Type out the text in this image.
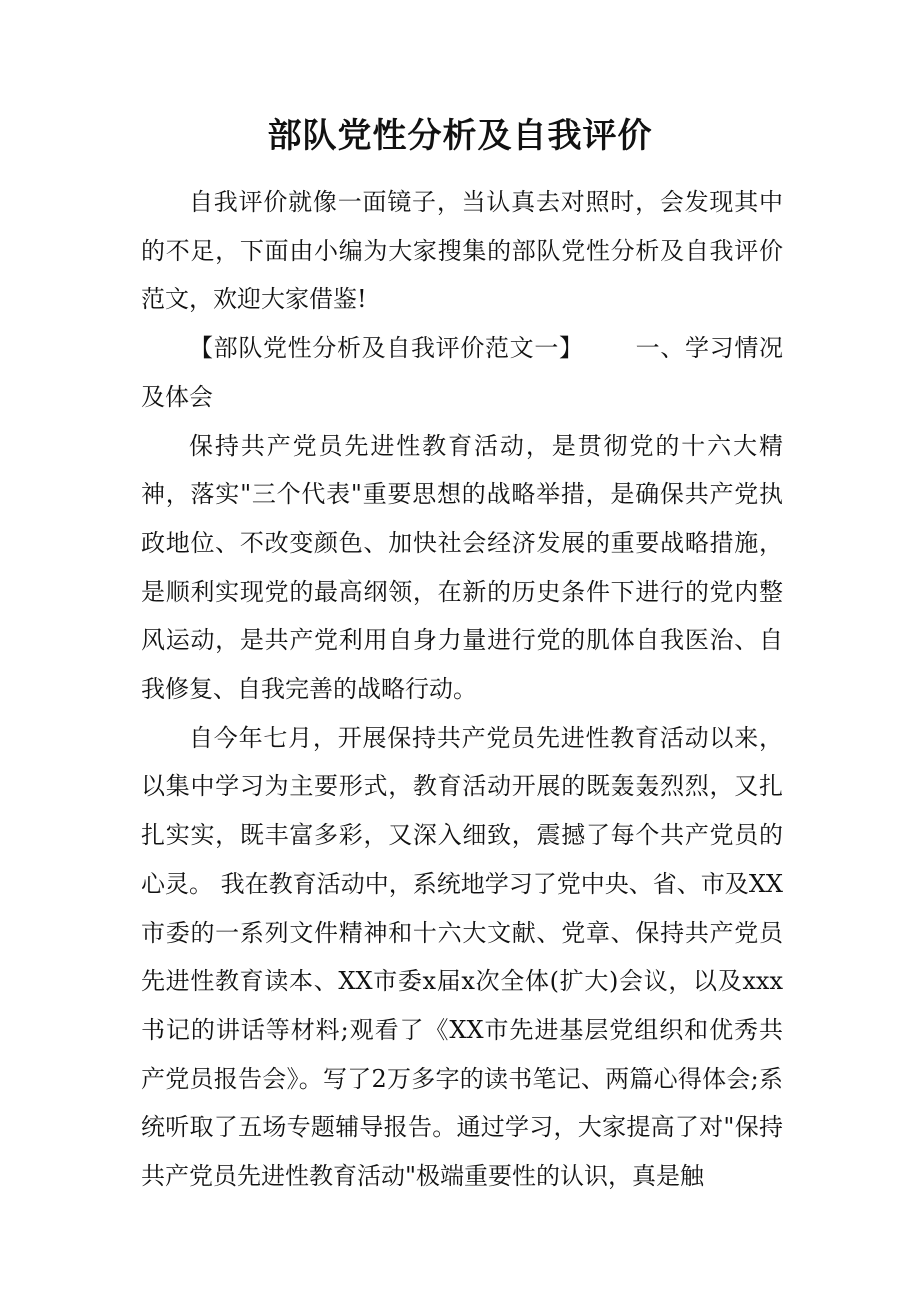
部队党性分析及自我评价

自我评价就像一面镜子，当认真去对照时，会发现其中的不足，下面由小编为大家搜集的部队党性分析及自我评价范文，欢迎大家借鉴!

【部队党性分析及自我评价范文一】 一、学习情况及体会

保持共产党员先进性教育活动，是贯彻党的十六大精神，落实"三个代表"重要思想的战略举措，是确保共产党执政地位、不改变颜色、加快社会经济发展的重要战略措施，是顺利实现党的最高纲领，在新的历史条件下进行的党内整风运动，是共产党利用自身力量进行党的肌体自我医治、自我修复、自我完善的战略行动。

自今年七月，开展保持共产党员先进性教育活动以来，以集中学习为主要形式，教育活动开展的既轰轰烈烈，又扎扎实实，既丰富多彩，又深入细致，震撼了每个共产党员的心灵。 我在教育活动中，系统地学习了党中央、省、市及XX市委的一系列文件精神和十六大文献、党章、保持共产党员先进性教育读本、XX市委x届x次全体(扩大)会议，以及xxx书记的讲话等材料;观看了《XX市先进基层党组织和优秀共产党员报告会》。写了2万多字的读书笔记、两篇心得体会;系统听取了五场专题辅导报告。通过学习，大家提高了对"保持共产党员先进性教育活动"极端重要性的认识，真是触
